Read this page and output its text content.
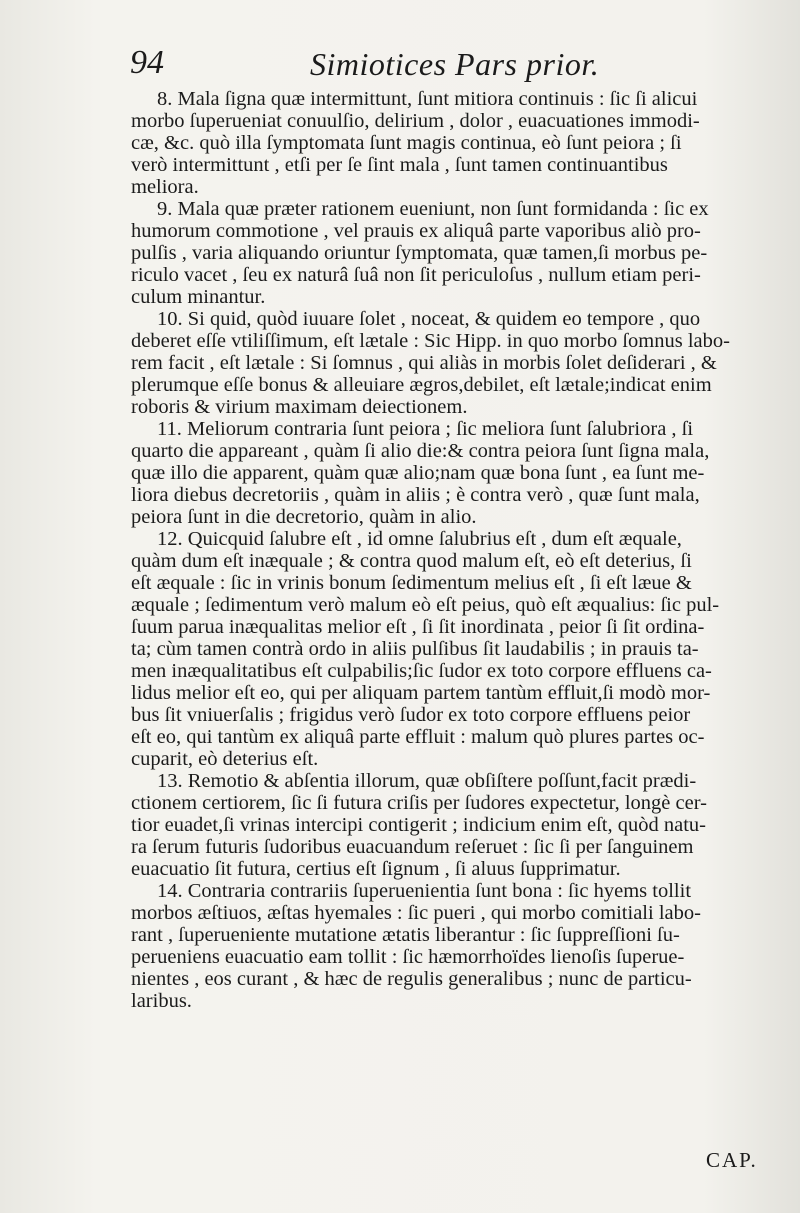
94	Simiotices Pars prior.
8. Mala ſigna quæ intermittunt, ſunt mitiora continuis : ſic ſi alicui
morbo ſuperueniat conuulſio, delirium , dolor , euacuationes immodi-
cæ, &c. quò illa ſymptomata ſunt magis continua, eò ſunt peiora ; ſi
verò intermittunt , etſi per ſe ſint mala , ſunt tamen continuantibus
meliora.
9. Mala quæ præter rationem eueniunt, non ſunt formidanda : ſic ex
humorum commotione , vel prauis ex aliquâ parte vaporibus aliò pro-
pulſis , varia aliquando oriuntur ſymptomata, quæ tamen,ſi morbus pe-
riculo vacet , ſeu ex naturâ ſuâ non ſit periculoſus , nullum etiam peri-
culum minantur.
10. Si quid, quòd iuuare ſolet , noceat, & quidem eo tempore , quo
deberet eſſe vtiliſſimum, eſt lætale : Sic Hipp. in quo morbo ſomnus labo-
rem facit , eſt lætale : Si ſomnus , qui aliàs in morbis ſolet deſiderari , &
plerumque eſſe bonus & alleuiare ægros,debilet, eſt lætale;indicat enim
roboris & virium maximam deiectionem.
11. Meliorum contraria ſunt peiora ; ſic meliora ſunt ſalubriora , ſi
quarto die appareant , quàm ſi alio die:& contra peiora ſunt ſigna mala,
quæ illo die apparent, quàm quæ alio;nam quæ bona ſunt , ea ſunt me-
liora diebus decretoriis , quàm in aliis ; è contra verò , quæ ſunt mala,
peiora ſunt in die decretorio, quàm in alio.
12. Quicquid ſalubre eſt , id omne ſalubrius eſt , dum eſt æquale,
quàm dum eſt inæquale ; & contra quod malum eſt, eò eſt deterius, ſi
eſt æquale : ſic in vrinis bonum ſedimentum melius eſt , ſi eſt læue &
æquale ; ſedimentum verò malum eò eſt peius, quò eſt æqualius: ſic pul-
ſuum parua inæqualitas melior eſt , ſi ſit inordinata , peior ſi ſit ordina-
ta; cùm tamen contrà ordo in aliis pulſibus ſit laudabilis ; in prauis ta-
men inæqualitatibus eſt culpabilis;ſic ſudor ex toto corpore effluens ca-
lidus melior eſt eo, qui per aliquam partem tantùm effluit,ſi modò mor-
bus ſit vniuerſalis ; frigidus verò ſudor ex toto corpore effluens peior
eſt eo, qui tantùm ex aliquâ parte effluit : malum quò plures partes oc-
cuparit, eò deterius eſt.
13. Remotio & abſentia illorum, quæ obſiſtere poſſunt,facit prædi-
ctionem certiorem, ſic ſi futura criſis per ſudores expectetur, longè cer-
tior euadet,ſi vrinas intercipi contigerit ; indicium enim eſt, quòd natu-
ra ſerum futuris ſudoribus euacuandum reſeruet : ſic ſi per ſanguinem
euacuatio ſit futura, certius eſt ſignum , ſi aluus ſupprimatur.
14. Contraria contrariis ſuperuenientia ſunt bona : ſic hyems tollit
morbos æſtiuos, æſtas hyemales : ſic pueri , qui morbo comitiali labo-
rant , ſuperueniente mutatione ætatis liberantur : ſic ſuppreſſioni ſu-
perueniens euacuatio eam tollit : ſic hæmorrhoïdes lienoſis ſuperue-
nientes , eos curant , & hæc de regulis generalibus ; nunc de particu-
laribus.
CAP.
